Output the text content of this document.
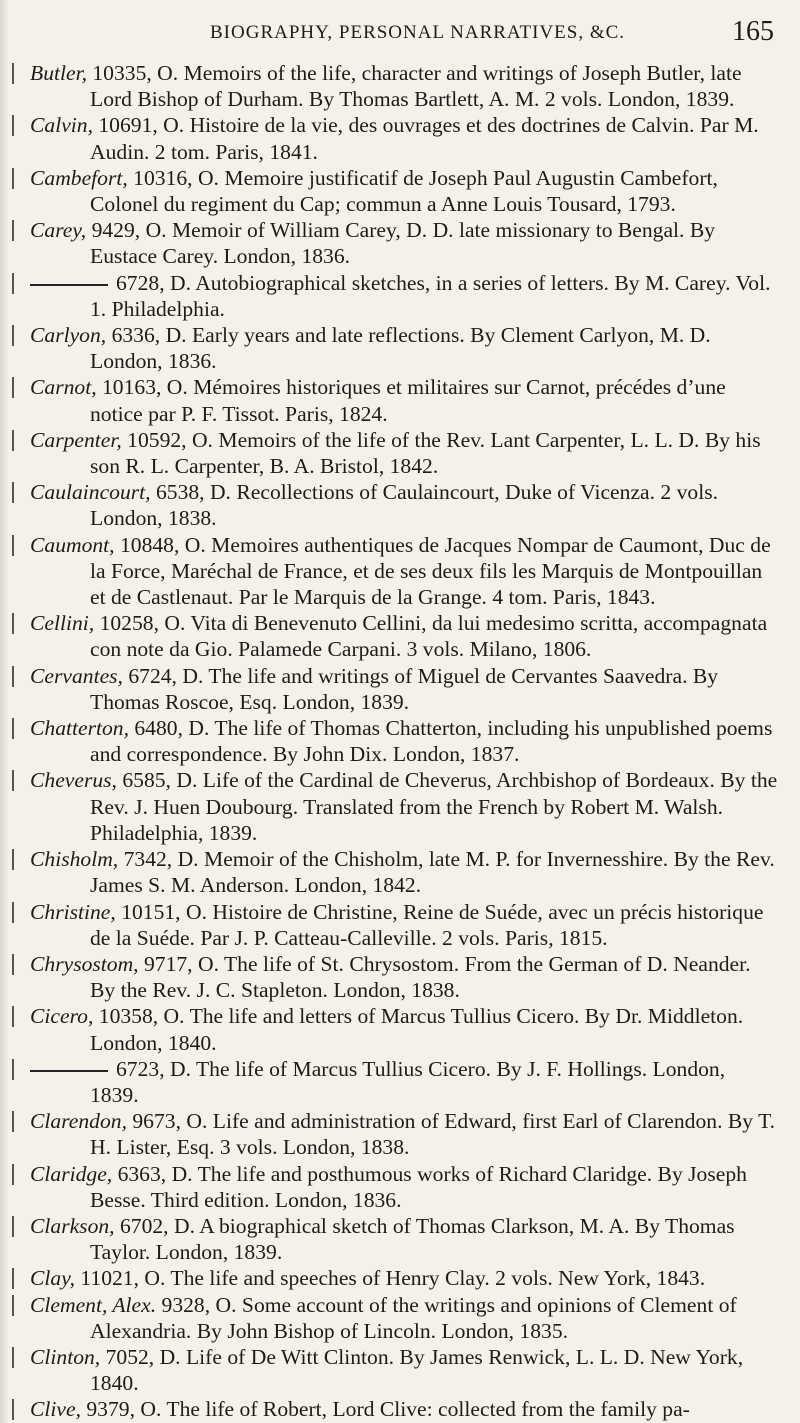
BIOGRAPHY, PERSONAL NARRATIVES, &C.	165

Butler, 10335, O. Memoirs of the life, character and writings of Joseph Butler, late Lord Bishop of Durham. By Thomas Bartlett, A. M. 2 vols. London, 1839.

Calvin, 10691, O. Histoire de la vie, des ouvrages et des doctrines de Calvin. Par M. Audin. 2 tom. Paris, 1841.

Cambefort, 10316, O. Memoire justificatif de Joseph Paul Augustin Cambefort, Colonel du regiment du Cap; commun a Anne Louis Tousard, 1793.

Carey, 9429, O. Memoir of William Carey, D. D. late missionary to Bengal. By Eustace Carey. London, 1836.

6728, D. Autobiographical sketches, in a series of letters. By M. Carey. Vol. 1. Philadelphia.

Carlyon, 6336, D. Early years and late reflections. By Clement Carlyon, M. D. London, 1836.

Carnot, 10163, O. Mémoires historiques et militaires sur Carnot, précédes d’une notice par P. F. Tissot. Paris, 1824.

Carpenter, 10592, O. Memoirs of the life of the Rev. Lant Carpenter, L. L. D. By his son R. L. Carpenter, B. A. Bristol, 1842.

Caulaincourt, 6538, D. Recollections of Caulaincourt, Duke of Vicenza. 2 vols. London, 1838.

Caumont, 10848, O. Memoires authentiques de Jacques Nompar de Caumont, Duc de la Force, Maréchal de France, et de ses deux fils les Marquis de Montpouillan et de Castlenaut. Par le Marquis de la Grange. 4 tom. Paris, 1843.

Cellini, 10258, O. Vita di Benevenuto Cellini, da lui medesimo scritta, accompagnata con note da Gio. Palamede Carpani. 3 vols. Milano, 1806.

Cervantes, 6724, D. The life and writings of Miguel de Cervantes Saavedra. By Thomas Roscoe, Esq. London, 1839.

Chatterton, 6480, D. The life of Thomas Chatterton, including his unpublished poems and correspondence. By John Dix. London, 1837.

Cheverus, 6585, D. Life of the Cardinal de Cheverus, Archbishop of Bordeaux. By the Rev. J. Huen Doubourg. Translated from the French by Robert M. Walsh. Philadelphia, 1839.

Chisholm, 7342, D. Memoir of the Chisholm, late M. P. for Invernesshire. By the Rev. James S. M. Anderson. London, 1842.

Christine, 10151, O. Histoire de Christine, Reine de Suéde, avec un précis historique de la Suéde. Par J. P. Catteau-Calleville. 2 vols. Paris, 1815.

Chrysostom, 9717, O. The life of St. Chrysostom. From the German of D. Neander. By the Rev. J. C. Stapleton. London, 1838.

Cicero, 10358, O. The life and letters of Marcus Tullius Cicero. By Dr. Middleton. London, 1840.

6723, D. The life of Marcus Tullius Cicero. By J. F. Hollings. London, 1839.

Clarendon, 9673, O. Life and administration of Edward, first Earl of Clarendon. By T. H. Lister, Esq. 3 vols. London, 1838.

Claridge, 6363, D. The life and posthumous works of Richard Claridge. By Joseph Besse. Third edition. London, 1836.

Clarkson, 6702, D. A biographical sketch of Thomas Clarkson, M. A. By Thomas Taylor. London, 1839.

Clay, 11021, O. The life and speeches of Henry Clay. 2 vols. New York, 1843.

Clement, Alex. 9328, O. Some account of the writings and opinions of Clement of Alexandria. By John Bishop of Lincoln. London, 1835.

Clinton, 7052, D. Life of De Witt Clinton. By James Renwick, L. L. D. New York, 1840.

Clive, 9379, O. The life of Robert, Lord Clive: collected from the family pa-
